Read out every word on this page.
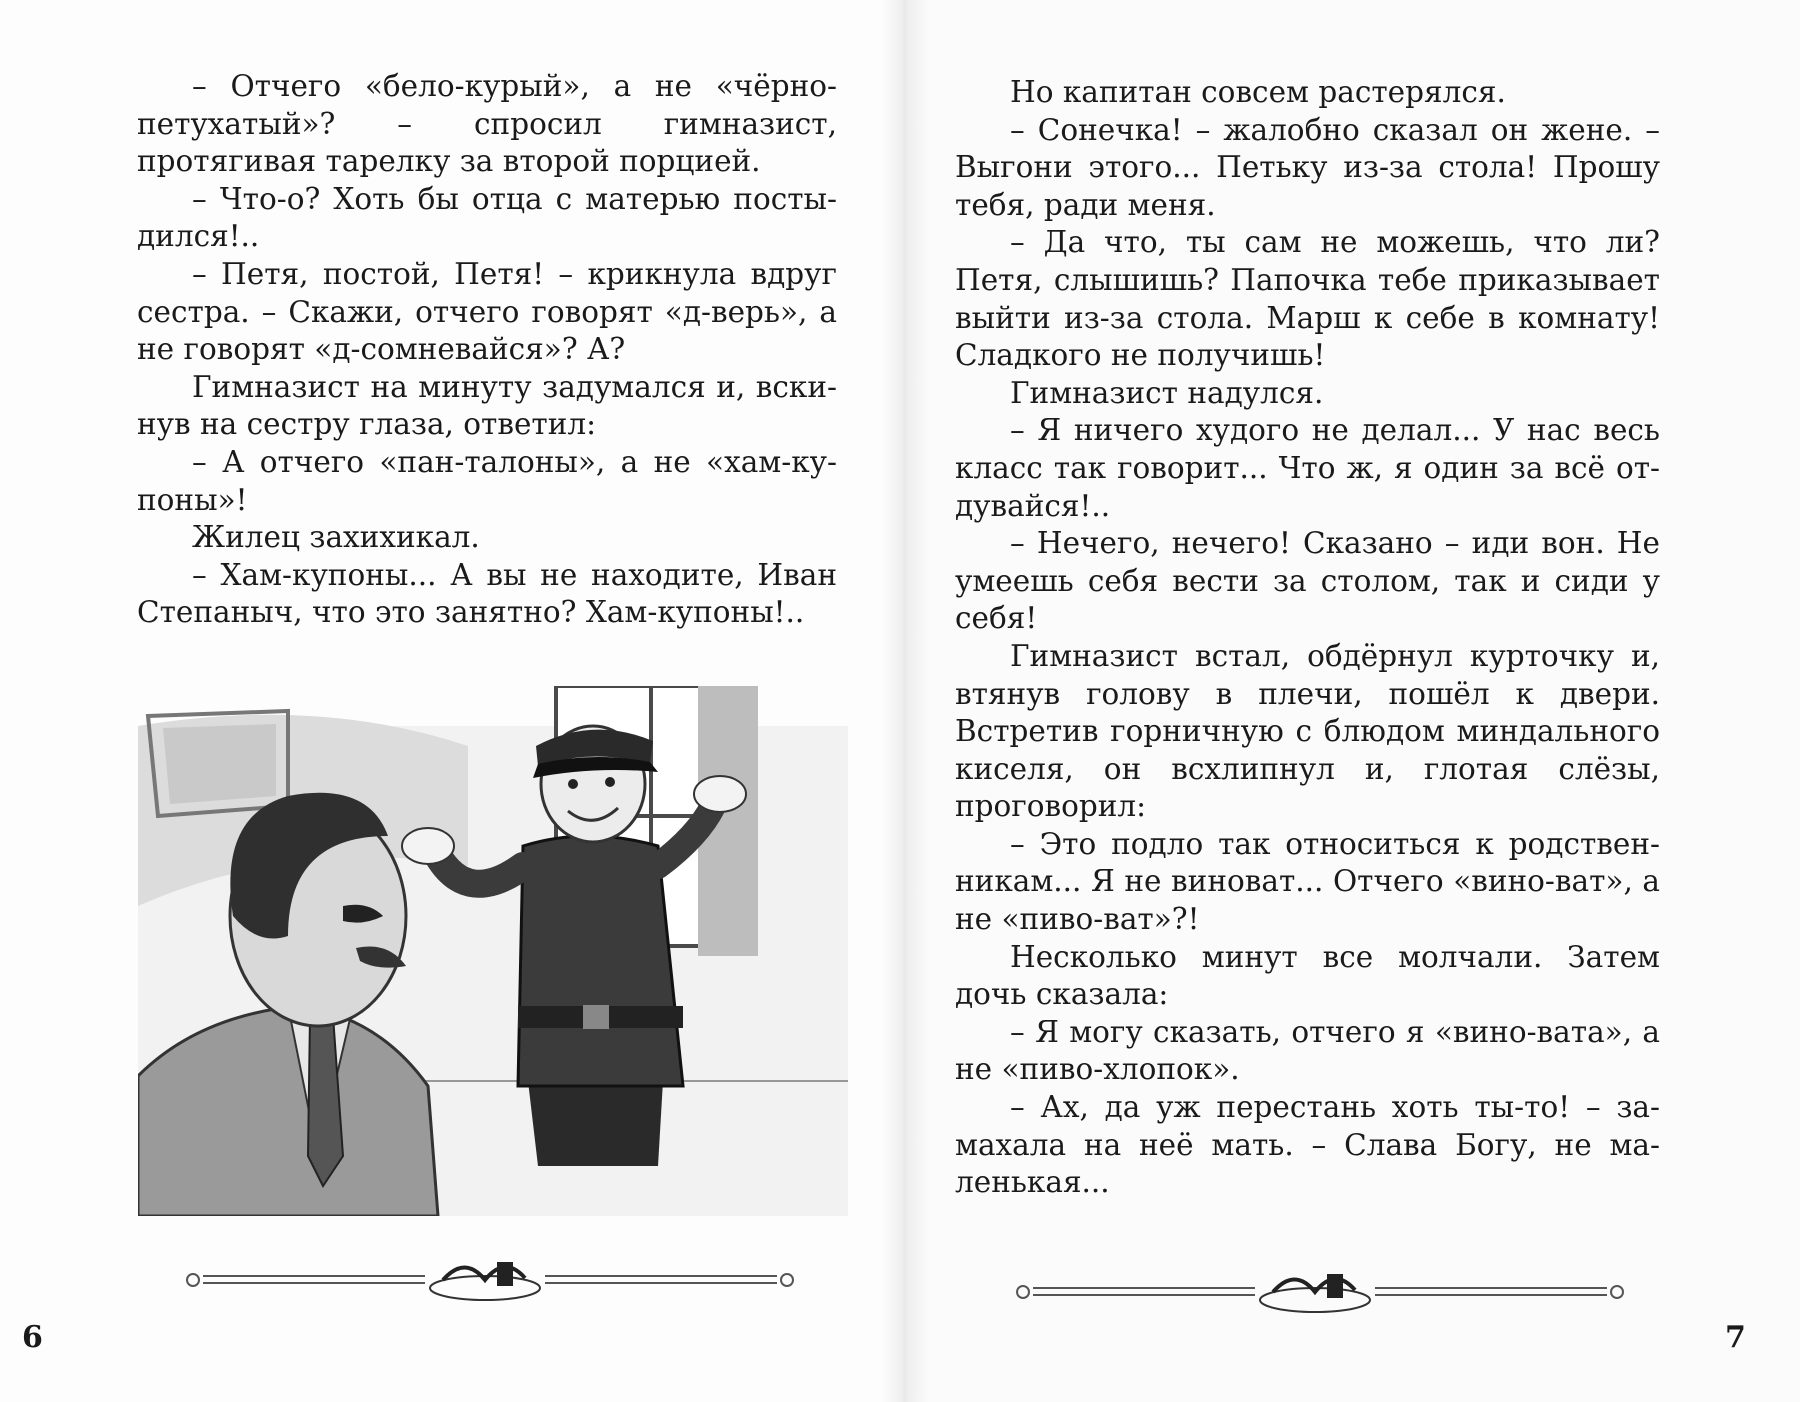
– Отчего «бело-курый», а не «чёрно-петухатый»? – спросил гимназист, протягивая тарелку за второй порцией.

– Что-о? Хоть бы отца с матерью постыдился!..

– Петя, постой, Петя! – крикнула вдруг сестра. – Скажи, отчего говорят «д-верь», а не говорят «д-сомневайся»? А?

Гимназист на минуту задумался и, вскинув на сестру глаза, ответил:

– А отчего «пан-талоны», а не «хам-купоны»!

Жилец захихикал.

– Хам-купоны... А вы не находите, Иван Степаныч, что это занятно? Хам-купоны!..

6

Но капитан совсем растерялся.

– Сонечка! – жалобно сказал он жене. – Выгони этого... Петьку из-за стола! Прошу тебя, ради меня.

– Да что, ты сам не можешь, что ли? Петя, слышишь? Папочка тебе приказывает выйти из-за стола. Марш к себе в комнату! Сладкого не получишь!

Гимназист надулся.

– Я ничего худого не делал... У нас весь класс так говорит... Что ж, я один за всё отдувайся!..

– Нечего, нечего! Сказано – иди вон. Не умеешь себя вести за столом, так и сиди у себя!

Гимназист встал, обдёрнул курточку и, втянув голову в плечи, пошёл к двери. Встретив горничную с блюдом миндального киселя, он всхлипнул и, глотая слёзы, проговорил:

– Это подло так относиться к родственникам... Я не виноват... Отчего «вино-ват», а не «пиво-ват»?!

Несколько минут все молчали. Затем дочь сказала:

– Я могу сказать, отчего я «вино-вата», а не «пиво-хлопок».

– Ах, да уж перестань хоть ты-то! – замахала на неё мать. – Слава Богу, не маленькая...

7
